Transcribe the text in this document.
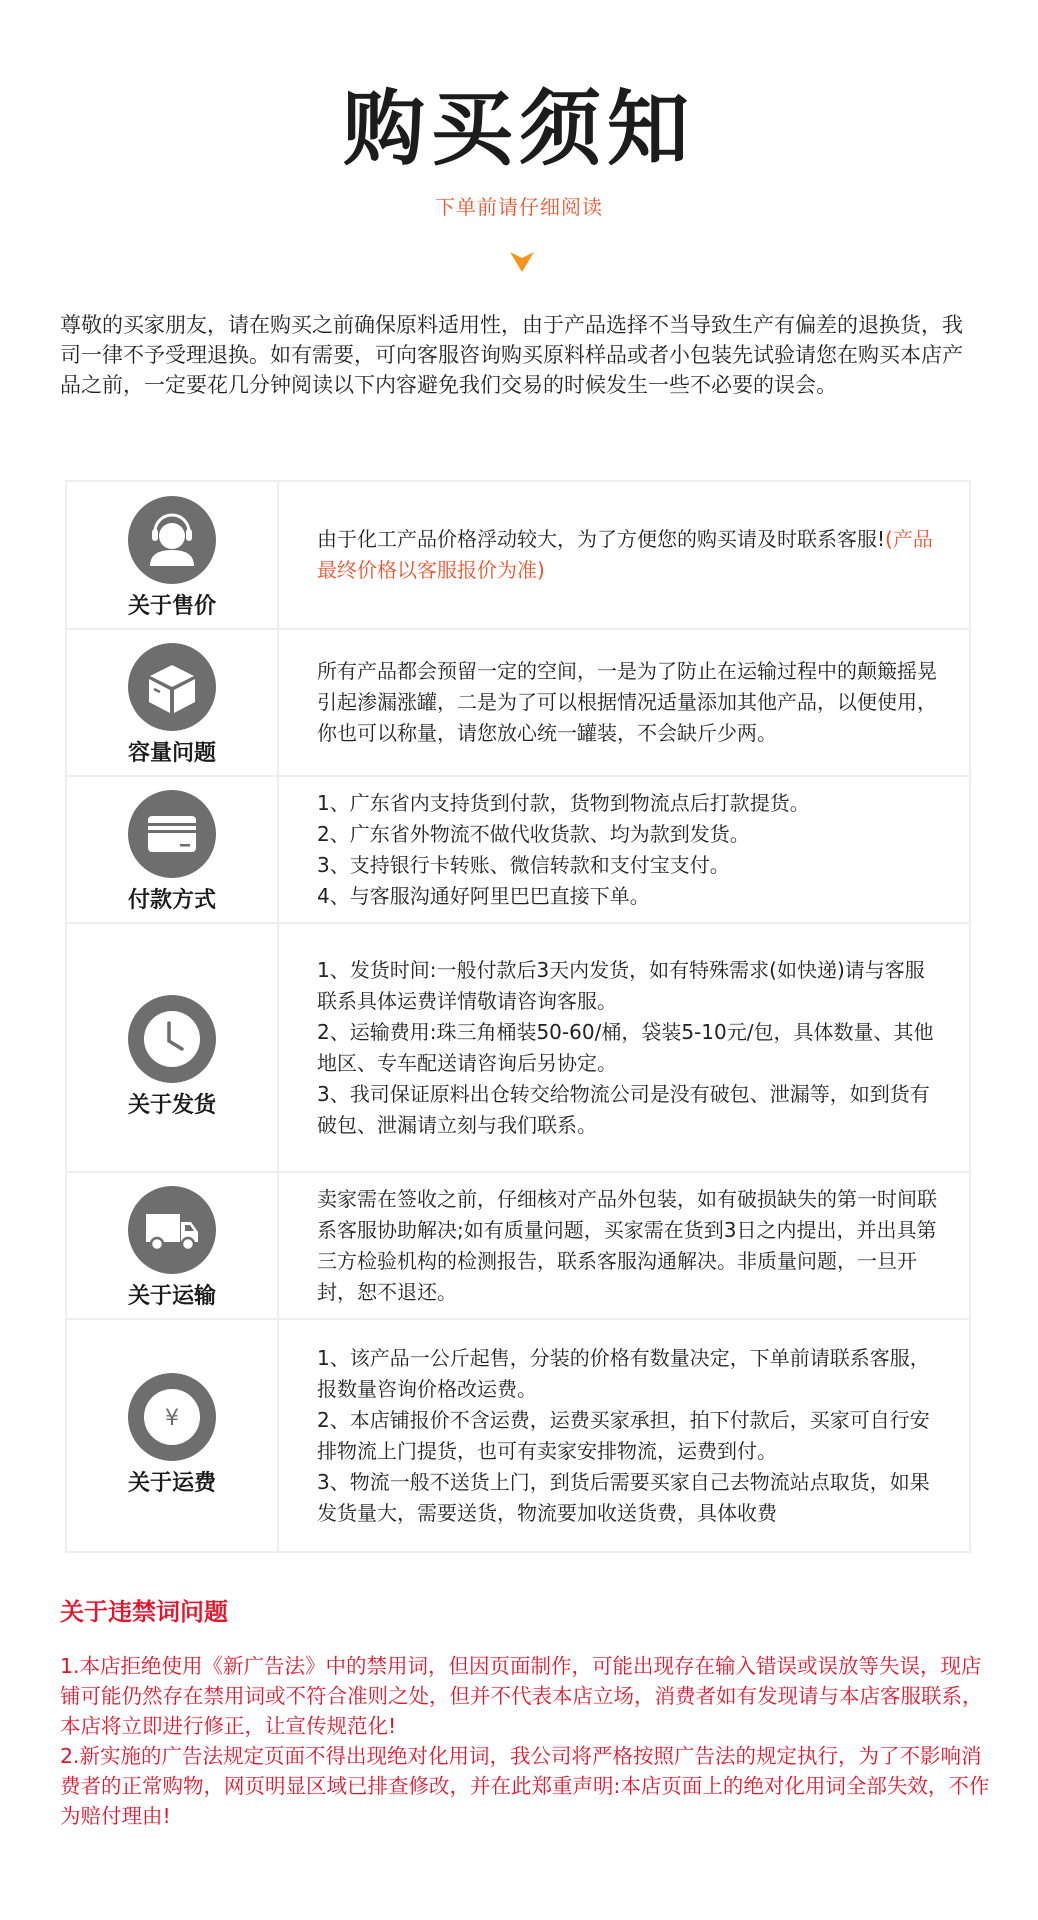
购买须知
下单前请仔细阅读
尊敬的买家朋友，请在购买之前确保原料适用性，由于产品选择不当导致生产有偏差的退换货，我司一律不予受理退换。如有需要，可向客服咨询购买原料样品或者小包装先试验请您在购买本店产品之前，一定要花几分钟阅读以下内容避免我们交易的时候发生一些不必要的误会。
关于售价
由于化工产品价格浮动较大，为了方便您的购买请及时联系客服!(产品最终价格以客服报价为准)
容量问题
所有产品都会预留一定的空间，一是为了防止在运输过程中的颠簸摇晃引起渗漏涨罐，二是为了可以根据情况适量添加其他产品，以便使用，你也可以称量，请您放心统一罐装，不会缺斤少两。
付款方式
1、广东省内支持货到付款，货物到物流点后打款提货。
2、广东省外物流不做代收货款、均为款到发货。
3、支持银行卡转账、微信转款和支付宝支付。
4、与客服沟通好阿里巴巴直接下单。
关于发货
1、发货时间:一般付款后3天内发货，如有特殊需求(如快递)请与客服联系具体运费详情敬请咨询客服。
2、运输费用:珠三角桶装50-60/桶，袋装5-10元/包，具体数量、其他地区、专车配送请咨询后另协定。
3、我司保证原料出仓转交给物流公司是没有破包、泄漏等，如到货有破包、泄漏请立刻与我们联系。
关于运输
卖家需在签收之前，仔细核对产品外包装，如有破损缺失的第一时间联系客服协助解决;如有质量问题，买家需在货到3日之内提出，并出具第三方检验机构的检测报告，联系客服沟通解决。非质量问题，一旦开封，恕不退还。
¥
关于运费
1、该产品一公斤起售，分装的价格有数量决定，下单前请联系客服，报数量咨询价格改运费。
2、本店铺报价不含运费，运费买家承担，拍下付款后，买家可自行安排物流上门提货，也可有卖家安排物流，运费到付。
3、物流一般不送货上门，到货后需要买家自己去物流站点取货，如果发货量大，需要送货，物流要加收送货费，具体收费
关于违禁词问题
1.本店拒绝使用《新广告法》中的禁用词，但因页面制作，可能出现存在输入错误或误放等失误，现店铺可能仍然存在禁用词或不符合准则之处，但并不代表本店立场，消费者如有发现请与本店客服联系，本店将立即进行修正，让宣传规范化!
2.新实施的广告法规定页面不得出现绝对化用词，我公司将严格按照广告法的规定执行，为了不影响消费者的正常购物，网页明显区域已排查修改，并在此郑重声明:本店页面上的绝对化用词全部失效，不作为赔付理由!
